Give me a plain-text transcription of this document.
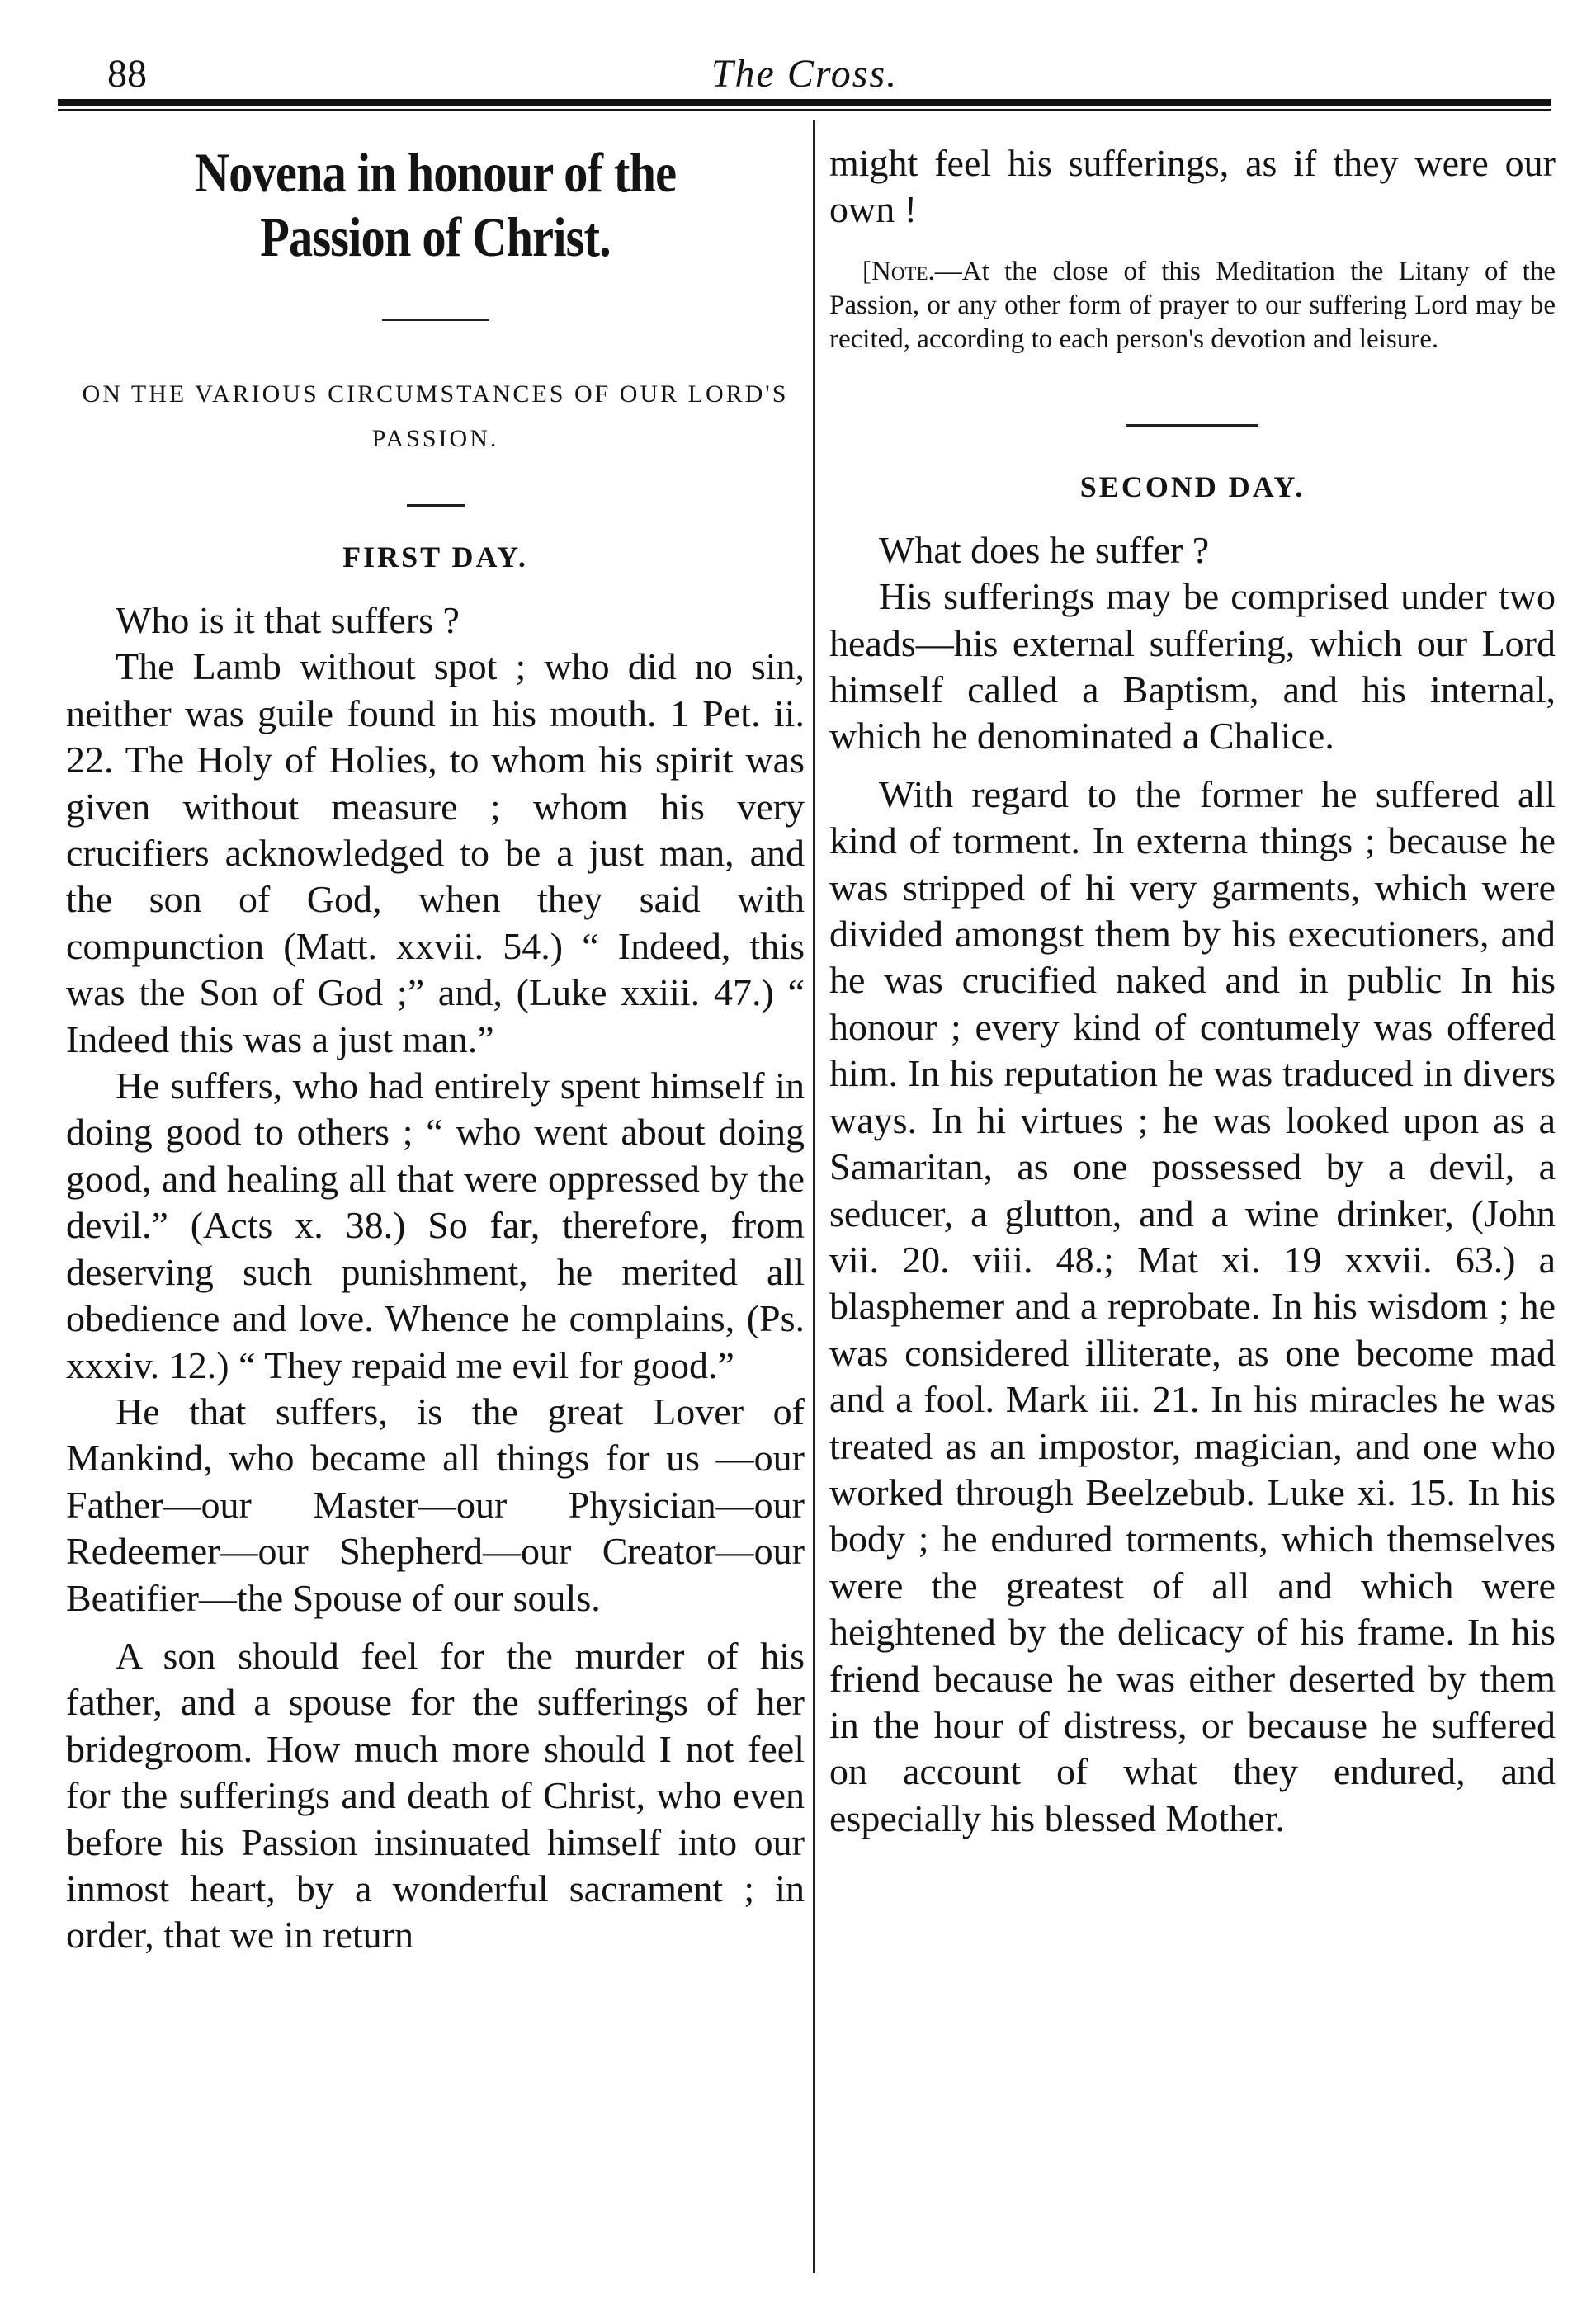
88	The Cross.
Novena in honour of the Passion of Christ.

ON THE VARIOUS CIRCUMSTANCES OF OUR LORD'S PASSION.

FIRST DAY.

Who is it that suffers ?

The Lamb without spot ; who did no sin, neither was guile found in his mouth. 1 Pet. ii. 22. The Holy of Holies, to whom his spirit was given without measure ; whom his very crucifiers acknowledged to be a just man, and the son of God, when they said with compunction (Matt. xxvii. 54.) “ Indeed, this was the Son of God ;” and, (Luke xxiii. 47.) “ Indeed this was a just man.”

He suffers, who had entirely spent himself in doing good to others ; “ who went about doing good, and healing all that were oppressed by the devil.” (Acts x. 38.) So far, therefore, from deserving such punishment, he merited all obedience and love. Whence he complains, (Ps. xxxiv. 12.) “ They repaid me evil for good.”

He that suffers, is the great Lover of Mankind, who became all things for us —our Father—our Master—our Physician—our Redeemer—our Shepherd—our Creator—our Beatifier—the Spouse of our souls.

A son should feel for the murder of his father, and a spouse for the sufferings of her bridegroom. How much more should I not feel for the sufferings and death of Christ, who even before his Passion insinuated himself into our inmost heart, by a wonderful sacrament ; in order, that we in return

might feel his sufferings, as if they were our own !

[Note.—At the close of this Meditation the Litany of the Passion, or any other form of prayer to our suffering Lord may be recited, according to each person's devotion and leisure.

SECOND DAY.

What does he suffer ?

His sufferings may be comprised under two heads—his external suffering, which our Lord himself called a Baptism, and his internal, which he denominated a Chalice.

With regard to the former he suffered all kind of torment. In externa things ; because he was stripped of hi very garments, which were divided amongst them by his executioners, and he was crucified naked and in public In his honour ; every kind of contumely was offered him. In his reputation he was traduced in divers ways. In hi virtues ; he was looked upon as a Samaritan, as one possessed by a devil, a seducer, a glutton, and a wine drinker, (John vii. 20. viii. 48.; Mat xi. 19 xxvii. 63.) a blasphemer and a reprobate. In his wisdom ; he was considered illiterate, as one become mad and a fool. Mark iii. 21. In his miracles he was treated as an impostor, magician, and one who worked through Beelzebub. Luke xi. 15. In his body ; he endured torments, which themselves were the greatest of all and which were heightened by the delicacy of his frame. In his friend because he was either deserted by them in the hour of distress, or because he suffered on account of what they endured, and especially his blessed Mother.
